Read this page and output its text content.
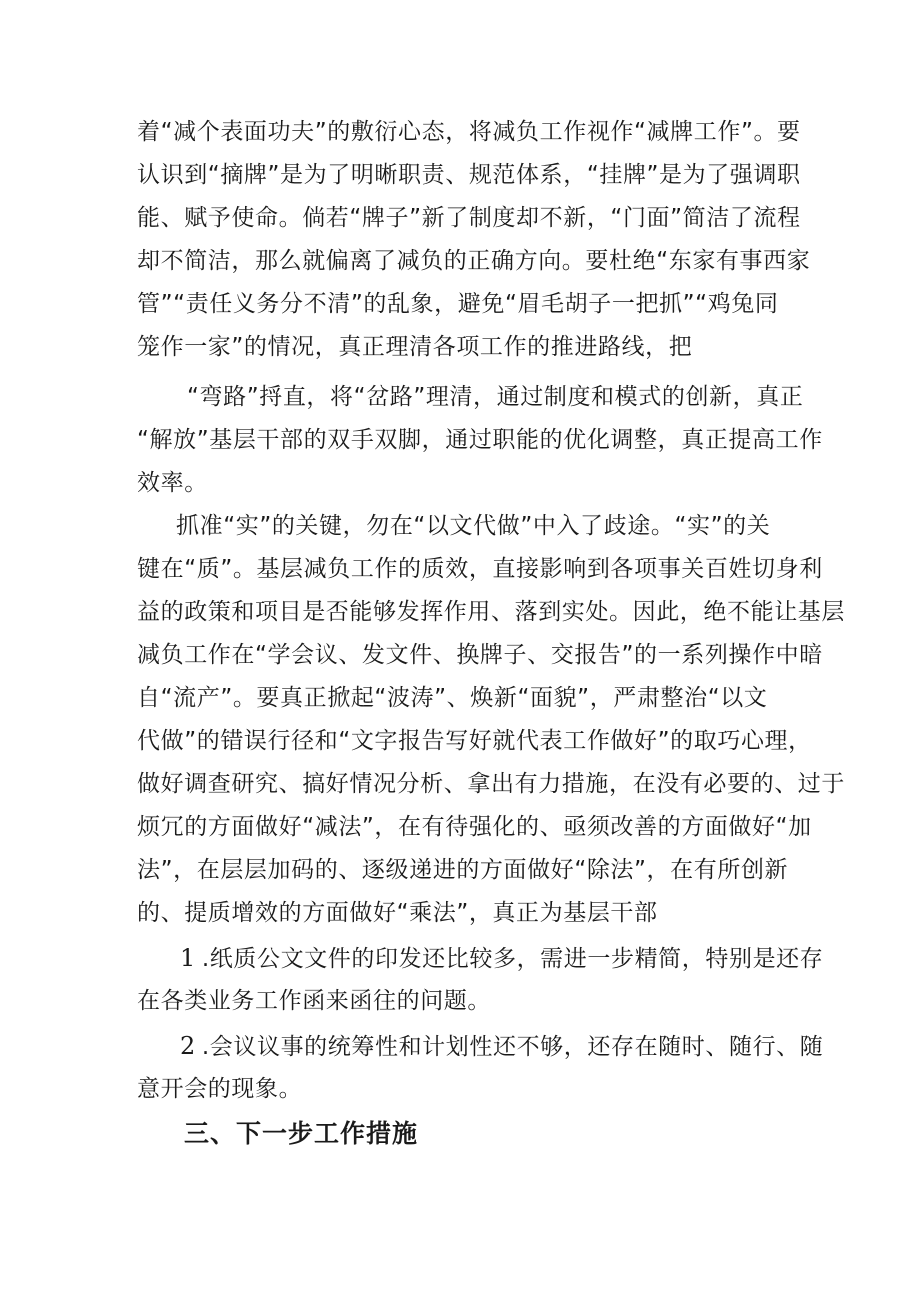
着“减个表面功夫”的敷衍心态，将减负工作视作“减牌工作”。要
认识到“摘牌”是为了明晰职责、规范体系，“挂牌”是为了强调职
能、赋予使命。倘若“牌子”新了制度却不新，“门面”简洁了流程
却不简洁，那么就偏离了减负的正确方向。要杜绝“东家有事西家
管”“责任义务分不清”的乱象，避免“眉毛胡子一把抓”“鸡兔同
笼作一家”的情况，真正理清各项工作的推进路线，把
“弯路”捋直，将“岔路”理清，通过制度和模式的创新，真正
“解放”基层干部的双手双脚，通过职能的优化调整，真正提高工作
效率。
抓准“实”的关键，勿在“以文代做”中入了歧途。“实”的关
键在“质”。基层减负工作的质效，直接影响到各项事关百姓切身利
益的政策和项目是否能够发挥作用、落到实处。因此，绝不能让基层
减负工作在“学会议、发文件、换牌子、交报告”的一系列操作中暗
自“流产”。要真正掀起“波涛”、焕新“面貌”，严肃整治“以文
代做”的错误行径和“文字报告写好就代表工作做好”的取巧心理，
做好调查研究、搞好情况分析、拿出有力措施，在没有必要的、过于
烦冗的方面做好“减法”，在有待强化的、亟须改善的方面做好“加
法”，在层层加码的、逐级递进的方面做好“除法”，在有所创新
的、提质增效的方面做好“乘法”，真正为基层干部
1 .纸质公文文件的印发还比较多，需进一步精简，特别是还存
在各类业务工作函来函往的问题。
2 .会议议事的统筹性和计划性还不够，还存在随时、随行、随
意开会的现象。
三、下一步工作措施
